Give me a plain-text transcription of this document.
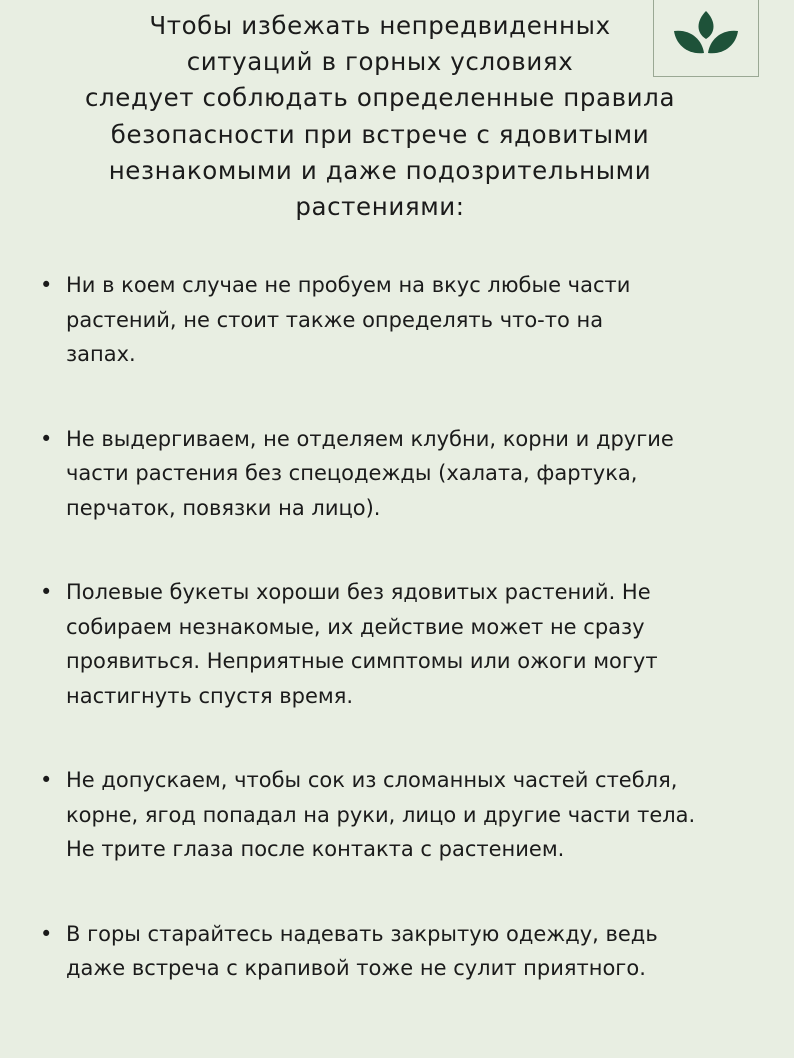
Чтобы избежать непредвиденных
ситуаций в горных условиях
следует соблюдать определенные правила
безопасности при встрече с ядовитыми
незнакомыми и даже подозрительными
растениями:
• Ни в коем случае не пробуем на вкус любые части
растений, не стоит также определять что-то на
запах.
• Не выдергиваем, не отделяем клубни, корни и другие
части растения без спецодежды (халата, фартука,
перчаток, повязки на лицо).
• Полевые букеты хороши без ядовитых растений. Не
собираем незнакомые, их действие может не сразу
проявиться. Неприятные симптомы или ожоги могут
настигнуть спустя время.
• Не допускаем, чтобы сок из сломанных частей стебля,
корне, ягод попадал на руки, лицо и другие части тела.
Не трите глаза после контакта с растением.
• В горы старайтесь надевать закрытую одежду, ведь
даже встреча с крапивой тоже не сулит приятного.
